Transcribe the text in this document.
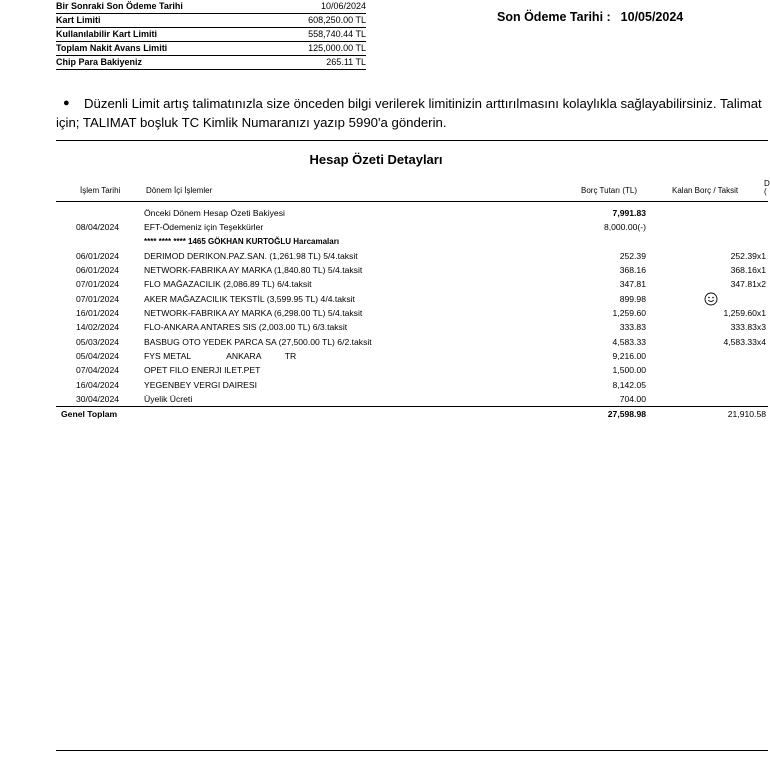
Bir Sonraki Son Ödeme Tarihi	10/06/2024
Kart Limiti	608,250.00 TL
Kullanılabilir Kart Limiti	558,740.44 TL
Toplam Nakit Avans Limiti	125,000.00 TL
Chip Para Bakiyeniz	265.11 TL
Son Ödeme Tarihi : 10/05/2024
● Düzenli Limit artış talimatınızla size önceden bilgi verilerek limitinizin arttırılmasını kolaylıkla sağlayabilirsiniz. Talimat
için; TALIMAT boşluk TC Kimlik Numaranızı yazıp 5990'a gönderin.
Hesap Özeti Detayları
İşlem Tarihi	Dönem İçi İşlemler	Borç Tutarı (TL)	Kalan Borç / Taksit
D
(
Önceki Dönem Hesap Özeti Bakiyesi	7,991.83
08/04/2024	EFT-Ödemeniz için Teşekkürler	8,000.00(-)
**** **** **** 1465 GÖKHAN KURTOĞLU Harcamaları
06/01/2024	DERIMOD DERIKON.PAZ.SAN. (1,261.98 TL) 5/4.taksit	252.39	252.39x1
06/01/2024	NETWORK-FABRIKA AY MARKA (1,840.80 TL) 5/4.taksit	368.16	368.16x1
07/01/2024	FLO MAĞAZACILIK (2,086.89 TL) 6/4.taksit	347.81	347.81x2
07/01/2024	AKER MAĞAZACILIK TEKSTİL (3,599.95 TL) 4/4.taksit	899.98
16/01/2024	NETWORK-FABRIKA AY MARKA (6,298.00 TL) 5/4.taksit	1,259.60	1,259.60x1
14/02/2024	FLO-ANKARA ANTARES SIS (2,003.00 TL) 6/3.taksit	333.83	333.83x3
05/03/2024	BASBUG OTO YEDEK PARCA SA (27,500.00 TL) 6/2.taksit	4,583.33	4,583.33x4
05/04/2024	FYS METAL               ANKARA          TR	9,216.00
07/04/2024	OPET FILO ENERJI ILET.PET	1,500.00
16/04/2024	YEGENBEY VERGI DAIRESI	8,142.05
30/04/2024	Üyelik Ücreti	704.00
Genel Toplam	27,598.98	21,910.58
